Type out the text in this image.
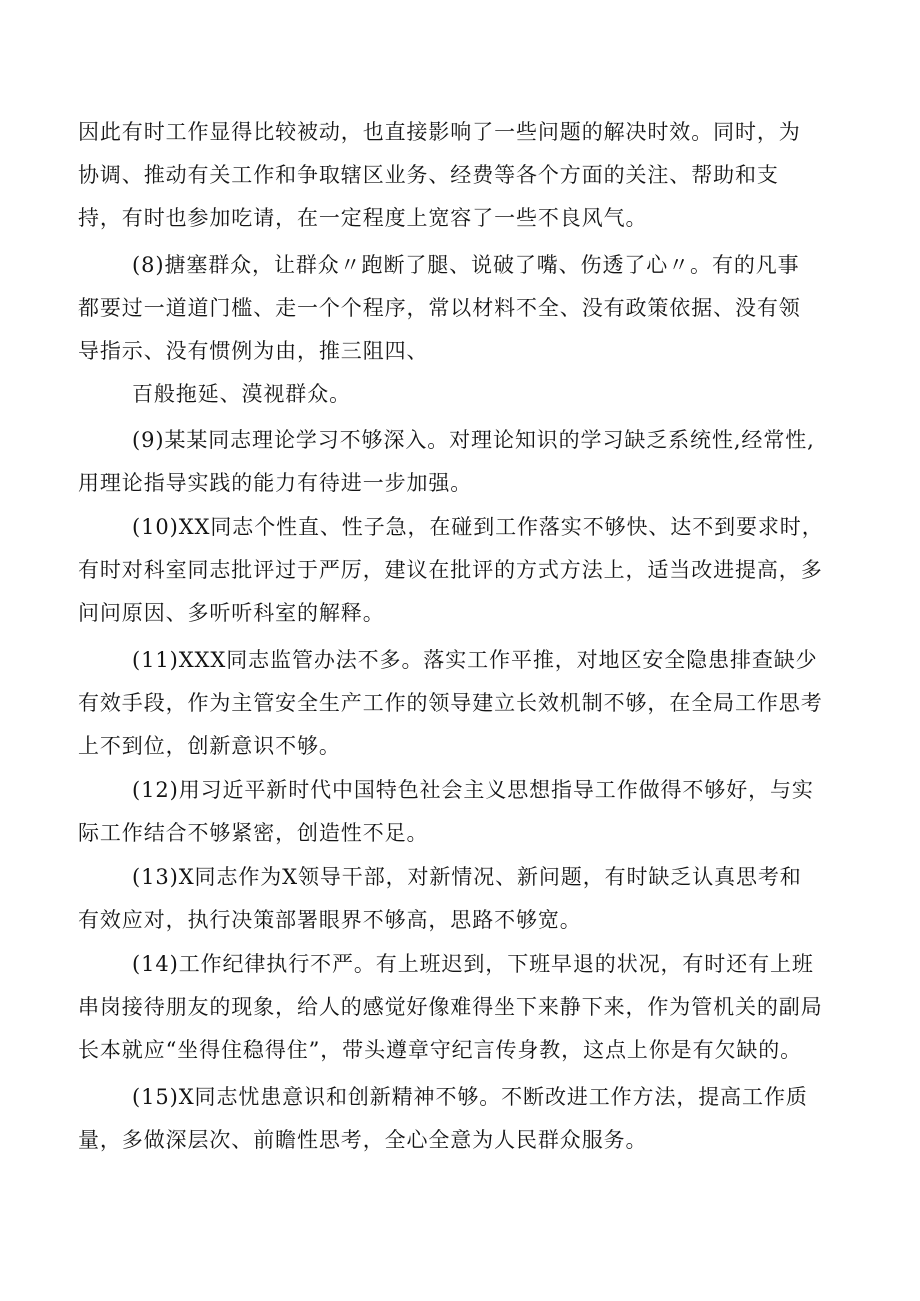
因此有时工作显得比较被动，也直接影响了一些问题的解决时效。同时，为
协调、推动有关工作和争取辖区业务、经费等各个方面的关注、帮助和支
持，有时也参加吃请，在一定程度上宽容了一些不良风气。
(8)搪塞群众，让群众〃跑断了腿、说破了嘴、伤透了心〃。有的凡事
都要过一道道门槛、走一个个程序，常以材料不全、没有政策依据、没有领
导指示、没有惯例为由，推三阻四、
百般拖延、漠视群众。
(9)某某同志理论学习不够深入。对理论知识的学习缺乏系统性,经常性,
用理论指导实践的能力有待进一步加强。
(10)XX同志个性直、性子急，在碰到工作落实不够快、达不到要求时，
有时对科室同志批评过于严厉，建议在批评的方式方法上，适当改进提高，多
问问原因、多听听科室的解释。
(11)XXX同志监管办法不多。落实工作平推，对地区安全隐患排查缺少
有效手段，作为主管安全生产工作的领导建立长效机制不够，在全局工作思考
上不到位，创新意识不够。
(12)用习近平新时代中国特色社会主义思想指导工作做得不够好，与实
际工作结合不够紧密，创造性不足。
(13)X同志作为X领导干部，对新情况、新问题，有时缺乏认真思考和
有效应对，执行决策部署眼界不够高，思路不够宽。
(14)工作纪律执行不严。有上班迟到，下班早退的状况，有时还有上班
串岗接待朋友的现象，给人的感觉好像难得坐下来静下来，作为管机关的副局
长本就应“坐得住稳得住”，带头遵章守纪言传身教，这点上你是有欠缺的。
(15)X同志忧患意识和创新精神不够。不断改进工作方法，提高工作质
量，多做深层次、前瞻性思考，全心全意为人民群众服务。
